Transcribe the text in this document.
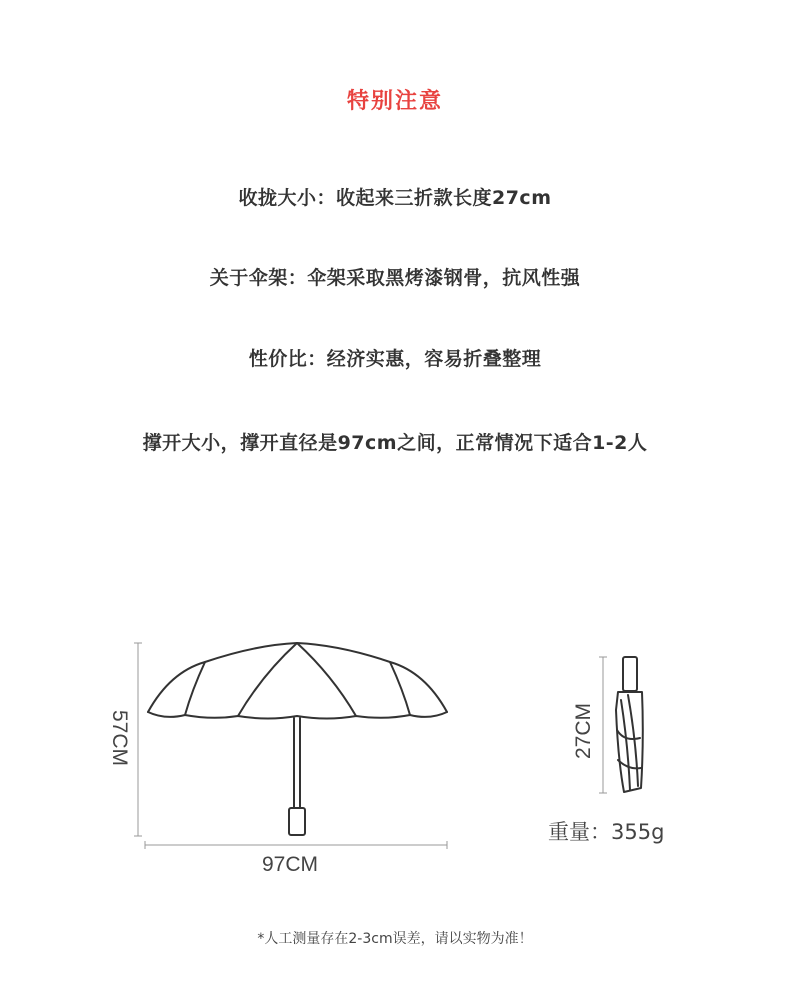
特别注意
收拢大小：收起来三折款长度27cm
关于伞架：伞架采取黑烤漆钢骨，抗风性强
性价比：经济实惠，容易折叠整理
撑开大小，撑开直径是97cm之间，正常情况下适合1-2人
57CM
97CM
27CM
重量：355g
*人工测量存在2-3cm误差，请以实物为准！
